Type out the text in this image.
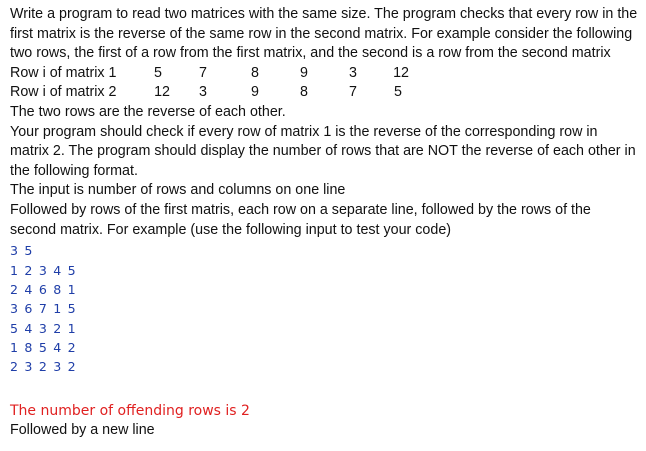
Write a program to read two matrices with the same size. The program checks that every row in the first matrix is the reverse of the same row in the second matrix. For example consider the following two rows, the first of a row from the first matrix, and the second is a row from the second matrix

Row i of matrix 1	5	7	8	9	3	12
Row i of matrix 2	12	3	9	8	7	5

The two rows are the reverse of each other.

Your program should check if every row of matrix 1 is the reverse of the corresponding row in matrix 2. The program should display the number of rows that are NOT the reverse of each other in the following format.

The input is number of rows and columns on one line

Followed by rows of the first matris, each row on a separate line, followed by the rows of the second matrix. For example (use the following input to test your code)

3 5
1 2 3 4 5
2 4 6 8 1
3 6 7 1 5
5 4 3 2 1
1 8 5 4 2
2 3 2 3 2
The number of offending rows is 2

Followed by a new line
